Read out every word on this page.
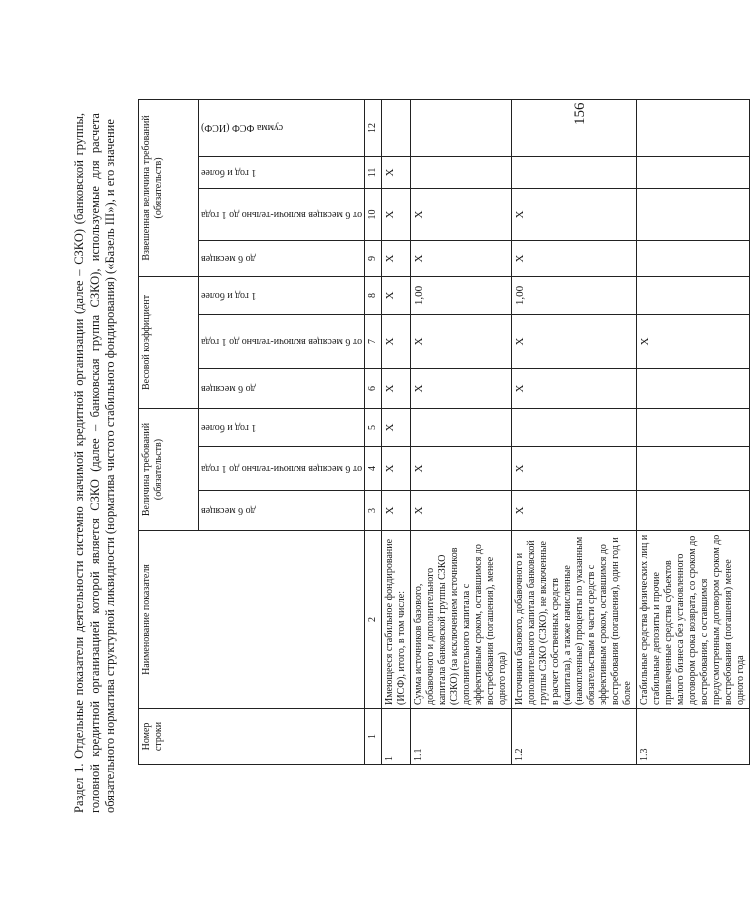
Раздел 1. Отдельные показатели деятельности системно значимой кредитной организации (далее – СЗКО) (банковской группы, головной кредитной организацией которой является СЗКО (далее – банковская группа СЗКО), используемые для расчета обязательного норматива структурной ликвидности (норматива чистого стабильного фондирования) («Базель III»), и его значение Номер строки	Наименование показателя	Величина требований (обязательств)			Весовой коэффициент			Взвешенная величина требований (обязательств)			

		до 6 месяцев	от 6 месяцев включи-тельно до 1 года	1 год и более	до 6 месяцев	от 6 месяцев включи-тельно до 1 года	1 год и более	до 6 месяцев	от 6 месяцев включи-тельно до 1 года	1 год и более	сумма ФСФ (ИСФ)

1	2	3	4	5	6	7	8	9	10	11	12
1	Имеющееся стабильное фондирование (ИСФ), итого, в том числе:	X	X	X	X	X	X	X	X	X	
1.1	Сумма источников базового, добавочного и дополнительного капитала банковской группы СЗКО (СЗКО) (за исключением источников дополнительного капитала с эффективным сроком, оставшимся до востребования (погашения), менее одного года)	X	X		X	X	1,00	X	X		
1.2	Источники базового, добавочного и дополнительного капитала банковской группы СЗКО (СЗКО), не включенные в расчет собственных средств (капитала), а также начисленные (накопленные) проценты по указанным обязательствам в части средств с эффективным сроком, оставшимся до востребования (погашения), один год и более	X	X		X	X	1,00	X	X		
1.3	Стабильные средства физических лиц и стабильные депозиты и прочие привлеченные средства субъектов малого бизнеса без установленного договором срока возврата, со сроком до востребования, с оставшимся предусмотренным договором сроком до востребования (погашения) менее одного года					X					
156
